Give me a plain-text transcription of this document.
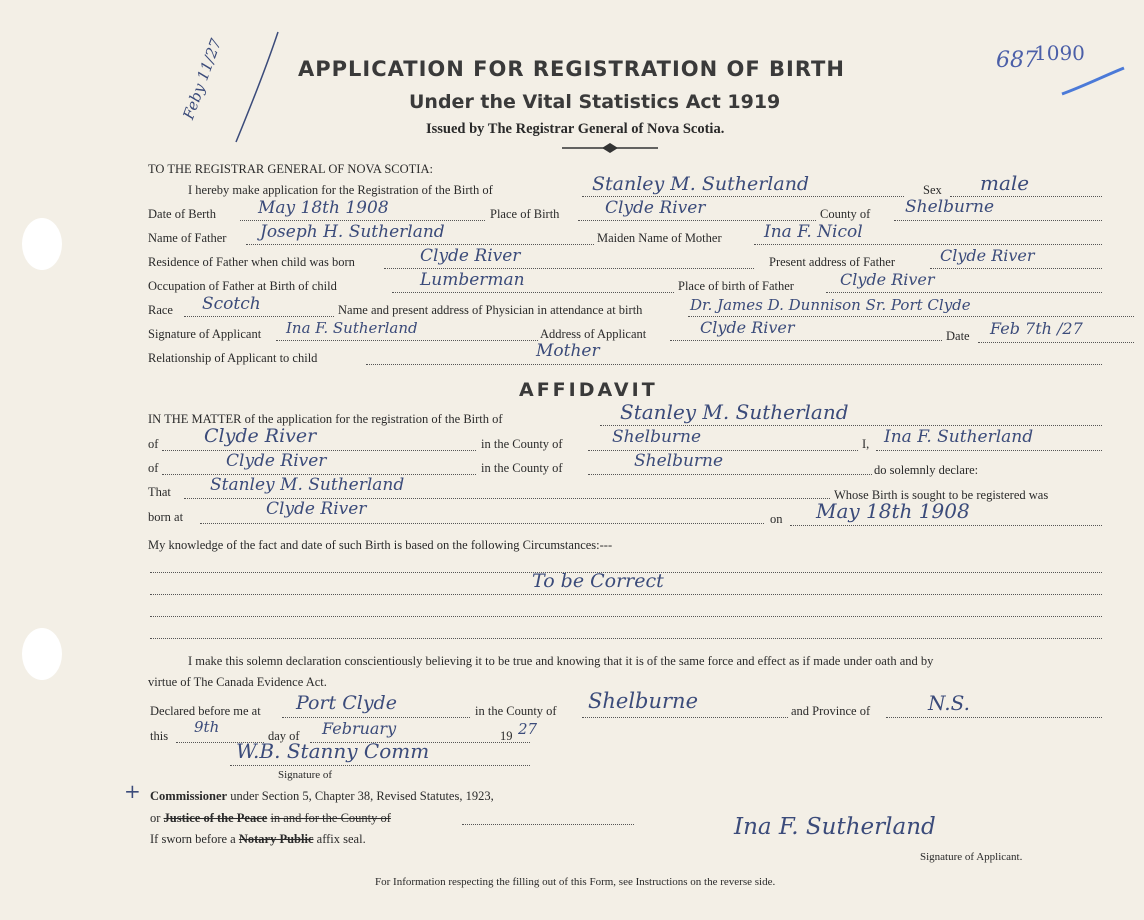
Feby 11/27	APPLICATION FOR REGISTRATION OF BIRTH
Under the Vital Statistics Act 1919
Issued by The Registrar General of Nova Scotia.
687
1090
TO THE REGISTRAR GENERAL OF NOVA SCOTIA:
I hereby make application for the Registration of the Birth of	Stanley M. Sutherland	Sex male
Date of Berth May 18th 1908	Place of Birth	Clyde River	County of Shelburne
Name of Father Joseph H. Sutherland	Maiden Name of Mother Ina F. Nicol
Residence of Father when child was born	Clyde River	Present address of Father	Clyde River
Occupation of Father at Birth of child	Lumberman	Place of birth of Father	Clyde River
Race Scotch	Name and present address of Physician in attendance at birth	Dr. James D. Dunnison Sr. Port Clyde
Signature of Applicant Ina F. Sutherland	Address of Applicant	Clyde River	Date Feb 7th /27
Relationship of Applicant to child	Mother
AFFIDAVIT
IN THE MATTER of the application for the registration of the Birth of	Stanley M. Sutherland
of Clyde River	in the County of	Shelburne	I, Ina F. Sutherland
of	Clyde River	in the County of	Shelburne	do solemnly declare:
That Stanley M. Sutherland	Whose Birth is sought to be registered was
born at	Clyde River	on May 18th 1908
My knowledge of the fact and date of such Birth is based on the following Circumstances:---
To be Correct
I make this solemn declaration conscientiously believing it to be true and knowing that it is of the same force and effect as if made under oath and by
virtue of The Canada Evidence Act.
Declared before me at Port Clyde	in the County of Shelburne	and Province of	N.S.
this 9th	day of February	19 27
W.B. Stanny Comm
Signature of
+ Commissioner under Section 5, Chapter 38, Revised Statutes, 1923,
or Justice of the Peace in and for the County of
If sworn before a Notary Public affix seal.	Ina F. Sutherland
Signature of Applicant.
For Information respecting the filling out of this Form, see Instructions on the reverse side.
